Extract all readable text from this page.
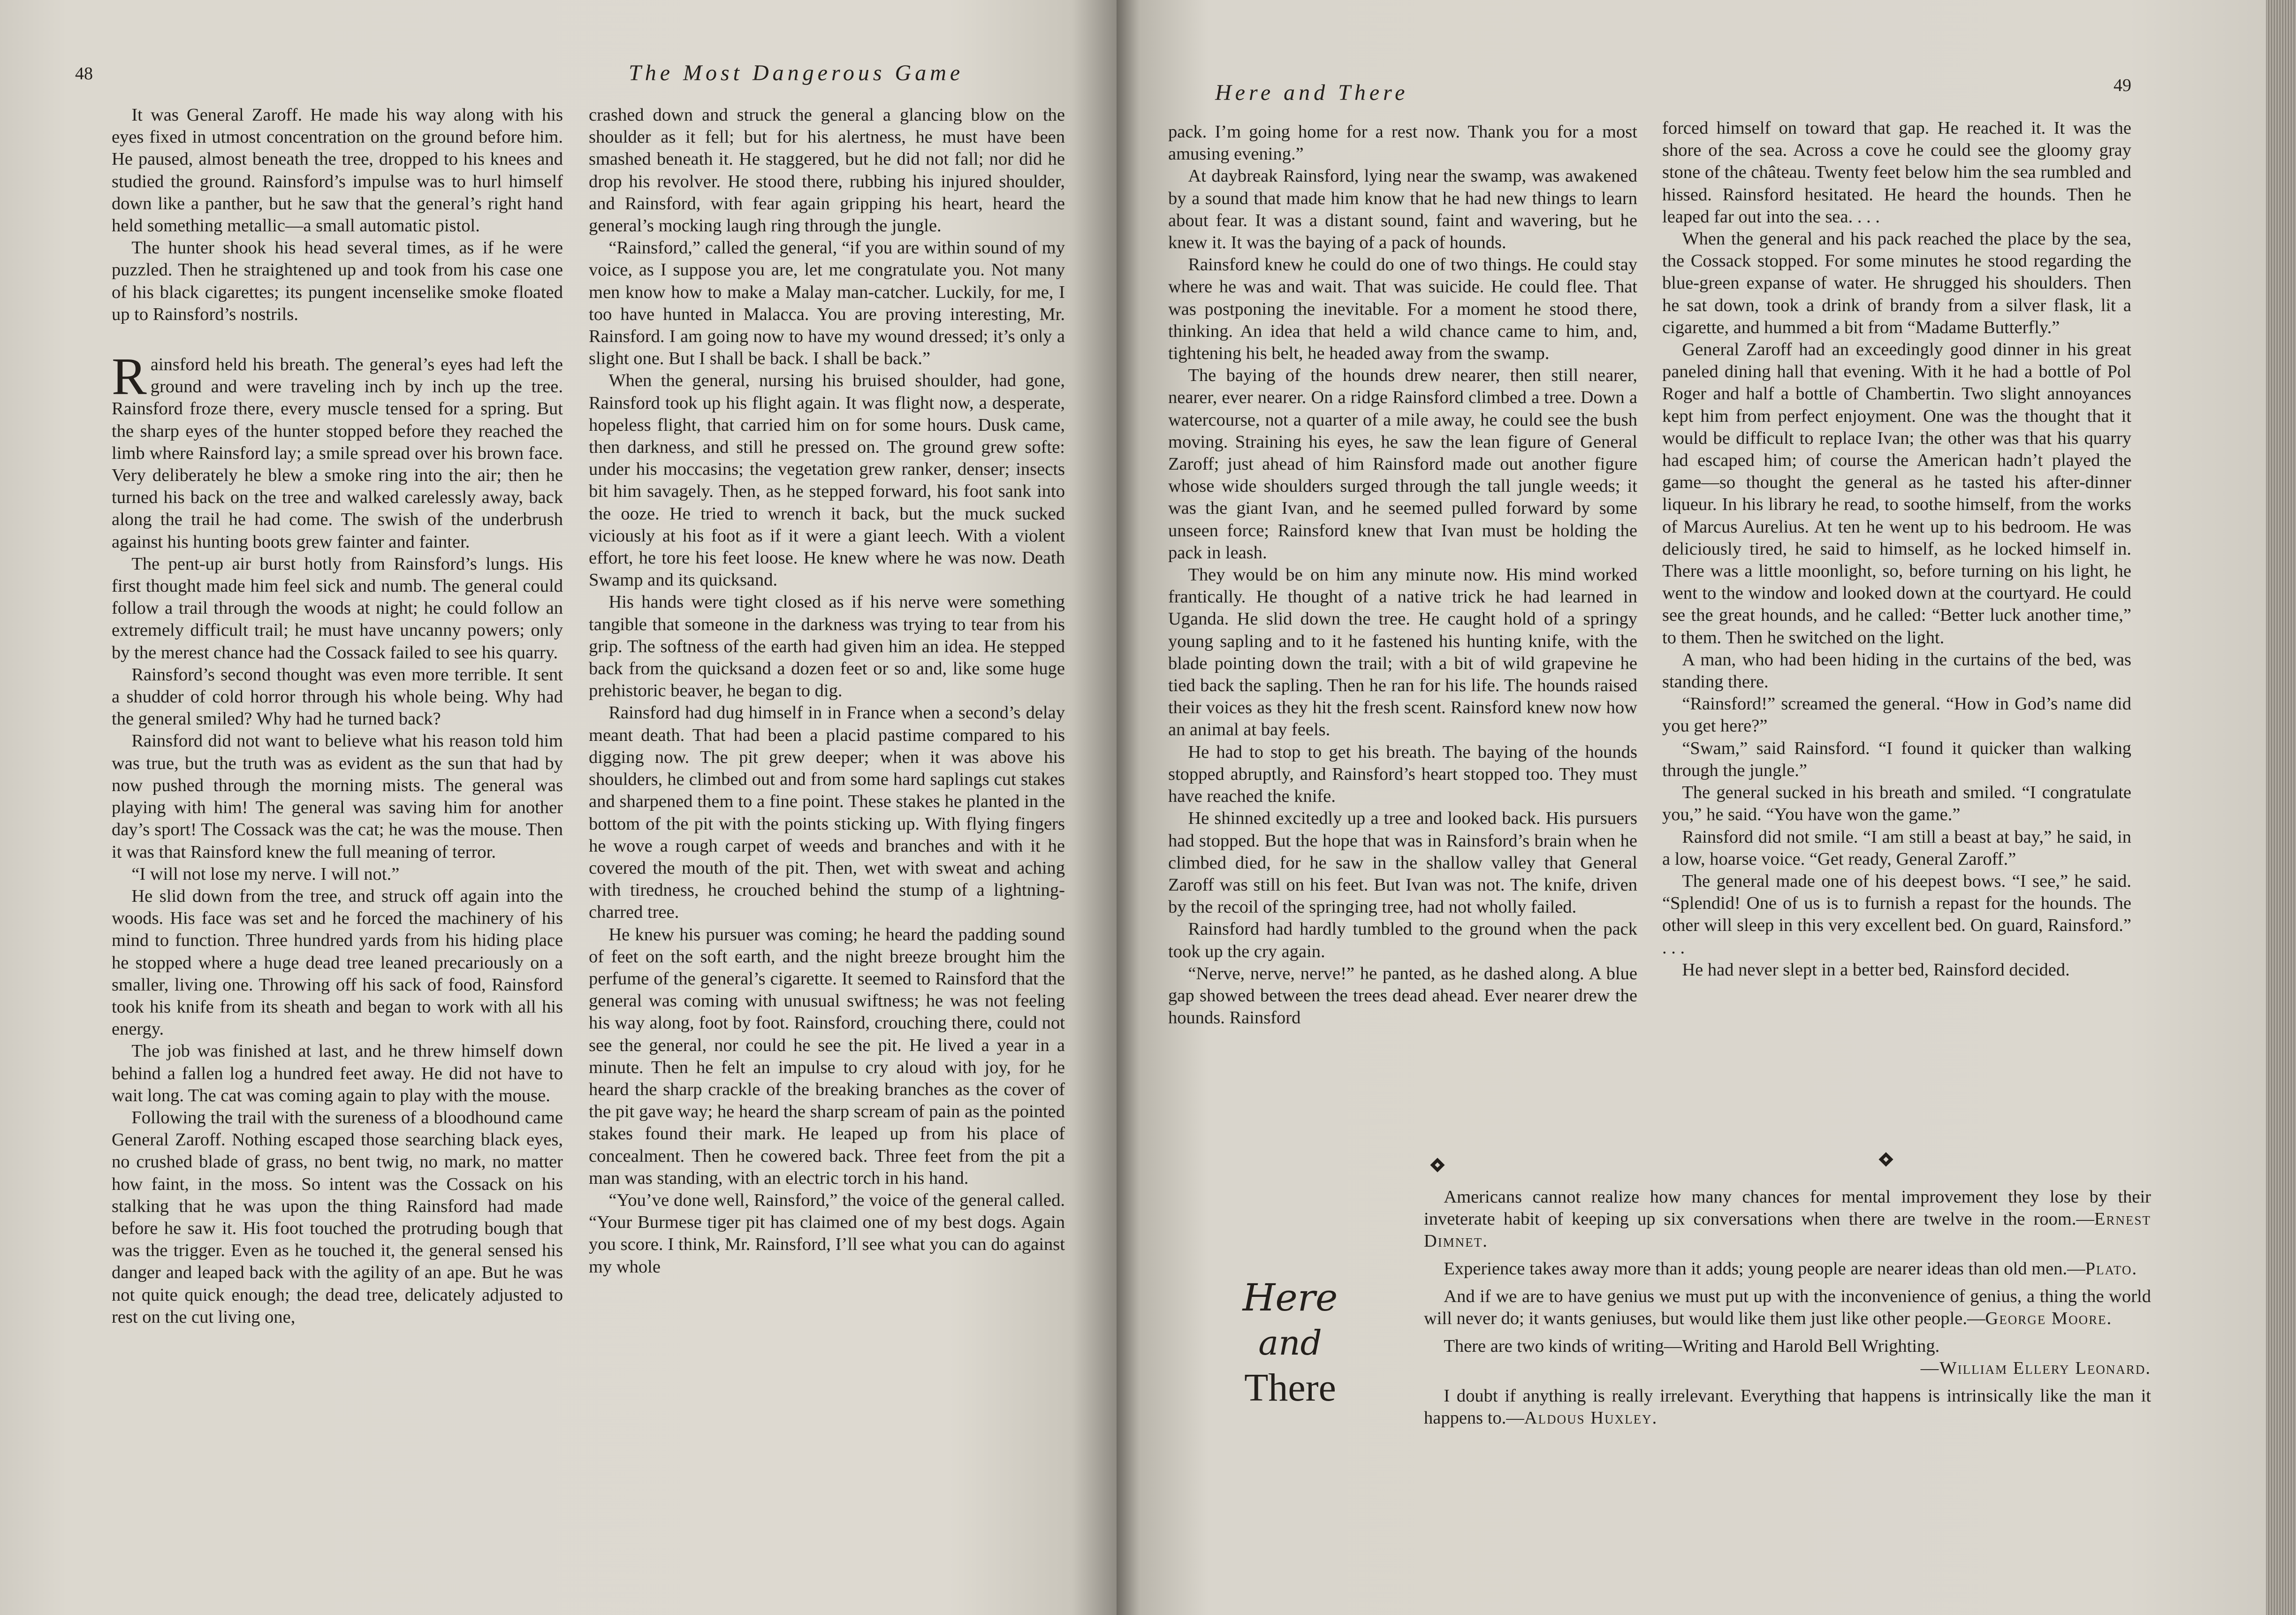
48	The Most Dangerous Game

It was General Zaroff. He made his way along with his eyes fixed in utmost concentration on the ground before him. He paused, almost beneath the tree, dropped to his knees and studied the ground. Rainsford’s impulse was to hurl himself down like a panther, but he saw that the general’s right hand held something metallic—a small automatic pistol.

The hunter shook his head several times, as if he were puzzled. Then he straightened up and took from his case one of his black cigarettes; its pungent incenselike smoke floated up to Rainsford’s nostrils.

Rainsford held his breath. The general’s eyes had left the ground and were traveling inch by inch up the tree. Rainsford froze there, every muscle tensed for a spring. But the sharp eyes of the hunter stopped before they reached the limb where Rainsford lay; a smile spread over his brown face. Very deliberately he blew a smoke ring into the air; then he turned his back on the tree and walked carelessly away, back along the trail he had come. The swish of the underbrush against his hunting boots grew fainter and fainter.

The pent-up air burst hotly from Rainsford’s lungs. His first thought made him feel sick and numb. The general could follow a trail through the woods at night; he could follow an extremely difficult trail; he must have uncanny powers; only by the merest chance had the Cossack failed to see his quarry.

Rainsford’s second thought was even more terrible. It sent a shudder of cold horror through his whole being. Why had the general smiled? Why had he turned back?

Rainsford did not want to believe what his reason told him was true, but the truth was as evident as the sun that had by now pushed through the morning mists. The general was playing with him! The general was saving him for another day’s sport! The Cossack was the cat; he was the mouse. Then it was that Rainsford knew the full meaning of terror.

“I will not lose my nerve. I will not.”

He slid down from the tree, and struck off again into the woods. His face was set and he forced the machinery of his mind to function. Three hundred yards from his hiding place he stopped where a huge dead tree leaned precariously on a smaller, living one. Throwing off his sack of food, Rainsford took his knife from its sheath and began to work with all his energy.

The job was finished at last, and he threw himself down behind a fallen log a hundred feet away. He did not have to wait long. The cat was coming again to play with the mouse.

Following the trail with the sureness of a bloodhound came General Zaroff. Nothing escaped those searching black eyes, no crushed blade of grass, no bent twig, no mark, no matter how faint, in the moss. So intent was the Cossack on his stalking that he was upon the thing Rainsford had made before he saw it. His foot touched the protruding bough that was the trigger. Even as he touched it, the general sensed his danger and leaped back with the agility of an ape. But he was not quite quick enough; the dead tree, delicately adjusted to rest on the cut living one,

crashed down and struck the general a glancing blow on the shoulder as it fell; but for his alertness, he must have been smashed beneath it. He staggered, but he did not fall; nor did he drop his revolver. He stood there, rubbing his injured shoulder, and Rainsford, with fear again gripping his heart, heard the general’s mocking laugh ring through the jungle.

“Rainsford,” called the general, “if you are within sound of my voice, as I suppose you are, let me congratulate you. Not many men know how to make a Malay man-catcher. Luckily, for me, I too have hunted in Malacca. You are proving interesting, Mr. Rainsford. I am going now to have my wound dressed; it’s only a slight one. But I shall be back. I shall be back.”

When the general, nursing his bruised shoulder, had gone, Rainsford took up his flight again. It was flight now, a desperate, hopeless flight, that carried him on for some hours. Dusk came, then darkness, and still he pressed on. The ground grew softe: under his moccasins; the vegetation grew ranker, denser; insects bit him savagely. Then, as he stepped forward, his foot sank into the ooze. He tried to wrench it back, but the muck sucked viciously at his foot as if it were a giant leech. With a violent effort, he tore his feet loose. He knew where he was now. Death Swamp and its quicksand.

His hands were tight closed as if his nerve were something tangible that someone in the darkness was trying to tear from his grip. The softness of the earth had given him an idea. He stepped back from the quicksand a dozen feet or so and, like some huge prehistoric beaver, he began to dig.

Rainsford had dug himself in in France when a second’s delay meant death. That had been a placid pastime compared to his digging now. The pit grew deeper; when it was above his shoulders, he climbed out and from some hard saplings cut stakes and sharpened them to a fine point. These stakes he planted in the bottom of the pit with the points sticking up. With flying fingers he wove a rough carpet of weeds and branches and with it he covered the mouth of the pit. Then, wet with sweat and aching with tiredness, he crouched behind the stump of a lightning-charred tree.

He knew his pursuer was coming; he heard the padding sound of feet on the soft earth, and the night breeze brought him the perfume of the general’s cigarette. It seemed to Rainsford that the general was coming with unusual swiftness; he was not feeling his way along, foot by foot. Rainsford, crouching there, could not see the general, nor could he see the pit. He lived a year in a minute. Then he felt an impulse to cry aloud with joy, for he heard the sharp crackle of the breaking branches as the cover of the pit gave way; he heard the sharp scream of pain as the pointed stakes found their mark. He leaped up from his place of concealment. Then he cowered back. Three feet from the pit a man was standing, with an electric torch in his hand.

“You’ve done well, Rainsford,” the voice of the general called. “Your Burmese tiger pit has claimed one of my best dogs. Again you score. I think, Mr. Rainsford, I’ll see what you can do against my whole

Here and There	49

pack. I’m going home for a rest now. Thank you for a most amusing evening.”

At daybreak Rainsford, lying near the swamp, was awakened by a sound that made him know that he had new things to learn about fear. It was a distant sound, faint and wavering, but he knew it. It was the baying of a pack of hounds.

Rainsford knew he could do one of two things. He could stay where he was and wait. That was suicide. He could flee. That was postponing the inevitable. For a moment he stood there, thinking. An idea that held a wild chance came to him, and, tightening his belt, he headed away from the swamp.

The baying of the hounds drew nearer, then still nearer, nearer, ever nearer. On a ridge Rainsford climbed a tree. Down a watercourse, not a quarter of a mile away, he could see the bush moving. Straining his eyes, he saw the lean figure of General Zaroff; just ahead of him Rainsford made out another figure whose wide shoulders surged through the tall jungle weeds; it was the giant Ivan, and he seemed pulled forward by some unseen force; Rainsford knew that Ivan must be holding the pack in leash.

They would be on him any minute now. His mind worked frantically. He thought of a native trick he had learned in Uganda. He slid down the tree. He caught hold of a springy young sapling and to it he fastened his hunting knife, with the blade pointing down the trail; with a bit of wild grapevine he tied back the sapling. Then he ran for his life. The hounds raised their voices as they hit the fresh scent. Rainsford knew now how an animal at bay feels.

He had to stop to get his breath. The baying of the hounds stopped abruptly, and Rainsford’s heart stopped too. They must have reached the knife.

He shinned excitedly up a tree and looked back. His pursuers had stopped. But the hope that was in Rainsford’s brain when he climbed died, for he saw in the shallow valley that General Zaroff was still on his feet. But Ivan was not. The knife, driven by the recoil of the springing tree, had not wholly failed.

Rainsford had hardly tumbled to the ground when the pack took up the cry again.

“Nerve, nerve, nerve!” he panted, as he dashed along. A blue gap showed between the trees dead ahead. Ever nearer drew the hounds. Rainsford

forced himself on toward that gap. He reached it. It was the shore of the sea. Across a cove he could see the gloomy gray stone of the château. Twenty feet below him the sea rumbled and hissed. Rainsford hesitated. He heard the hounds. Then he leaped far out into the sea. . . .

When the general and his pack reached the place by the sea, the Cossack stopped. For some minutes he stood regarding the blue-green expanse of water. He shrugged his shoulders. Then he sat down, took a drink of brandy from a silver flask, lit a cigarette, and hummed a bit from “Madame Butterfly.”

General Zaroff had an exceedingly good dinner in his great paneled dining hall that evening. With it he had a bottle of Pol Roger and half a bottle of Chambertin. Two slight annoyances kept him from perfect enjoyment. One was the thought that it would be difficult to replace Ivan; the other was that his quarry had escaped him; of course the American hadn’t played the game—so thought the general as he tasted his after-dinner liqueur. In his library he read, to soothe himself, from the works of Marcus Aurelius. At ten he went up to his bedroom. He was deliciously tired, he said to himself, as he locked himself in. There was a little moonlight, so, before turning on his light, he went to the window and looked down at the courtyard. He could see the great hounds, and he called: “Better luck another time,” to them. Then he switched on the light.

A man, who had been hiding in the curtains of the bed, was standing there.

“Rainsford!” screamed the general. “How in God’s name did you get here?”

“Swam,” said Rainsford. “I found it quicker than walking through the jungle.”

The general sucked in his breath and smiled. “I congratulate you,” he said. “You have won the game.”

Rainsford did not smile. “I am still a beast at bay,” he said, in a low, hoarse voice. “Get ready, General Zaroff.”

The general made one of his deepest bows. “I see,” he said. “Splendid! One of us is to furnish a repast for the hounds. The other will sleep in this very excellent bed. On guard, Rainsford.” . . .

He had never slept in a better bed, Rainsford decided.

Here
and
There

Americans cannot realize how many chances for mental improvement they lose by their inveterate habit of keeping up six conversations when there are twelve in the room.—Ernest Dimnet.

Experience takes away more than it adds; young people are nearer ideas than old men.—Plato.

And if we are to have genius we must put up with the inconvenience of genius, a thing the world will never do; it wants geniuses, but would like them just like other people.—George Moore.

There are two kinds of writing—Writing and Harold Bell Wrighting.

—William Ellery Leonard.

I doubt if anything is really irrelevant. Everything that happens is intrinsically like the man it happens to.—Aldous Huxley.
